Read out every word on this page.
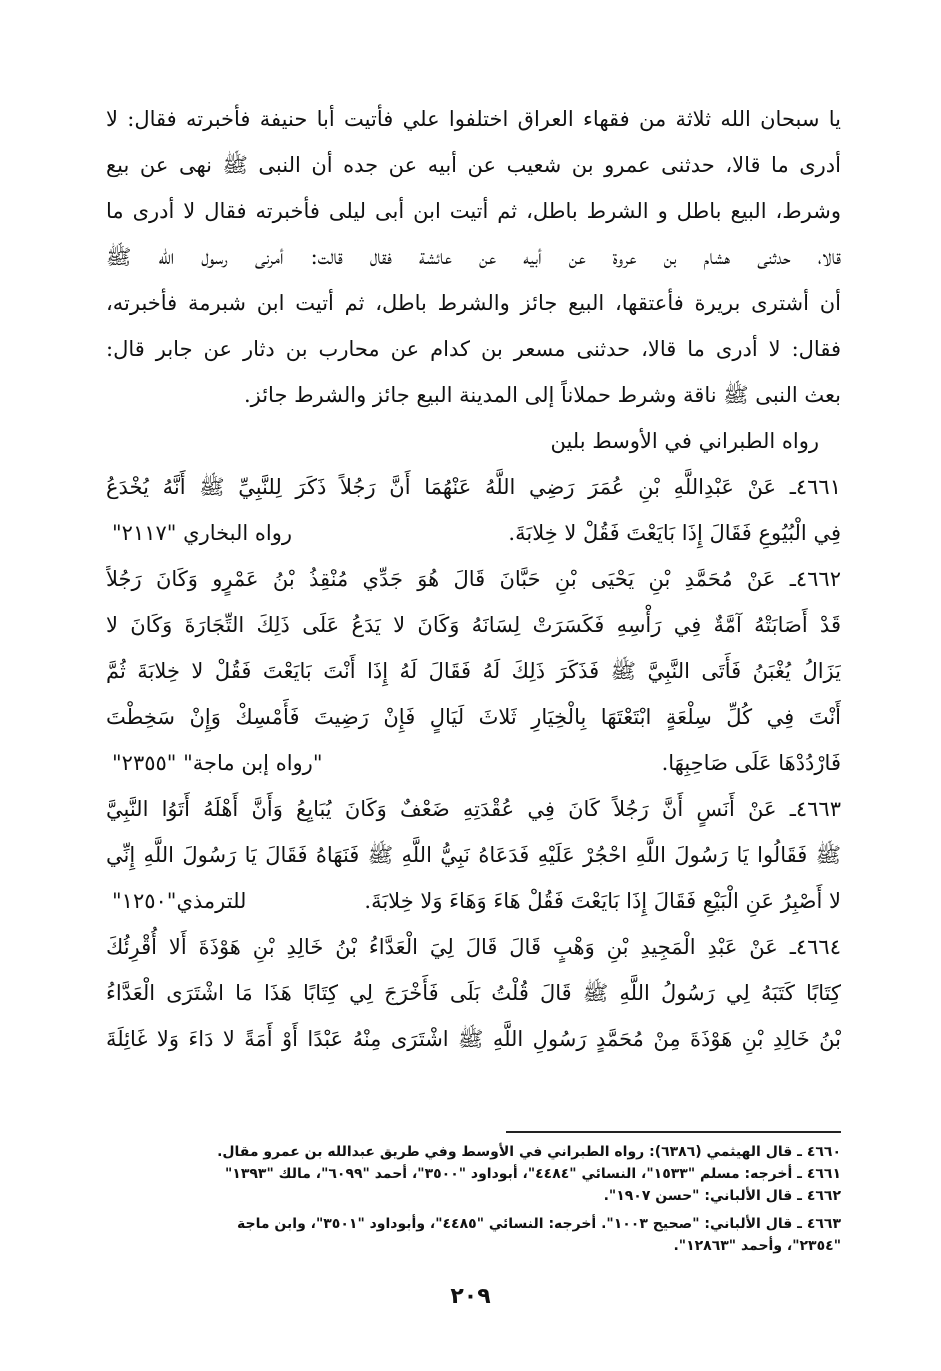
يا سبحان الله ثلاثة من فقهاء العراق اختلفوا علي فأتيت أبا حنيفة فأخبرته فقال: لا
أدرى ما قالا، حدثنى عمرو بن شعيب عن أبيه عن جده أن النبى ﷺ نهى عن بيع
وشرط، البيع باطل و الشرط باطل، ثم أتيت ابن أبى ليلى فأخبرته فقال لا أدرى ما
قالا، حدثنى هشام بن عروة عن أبيه عن عائشة فقال قالت: أمرنى رسول الله ﷺ
أن أشترى بريرة فأعتقها، البيع جائز والشرط باطل، ثم أتيت ابن شبرمة فأخبرته،
فقال: لا أدرى ما قالا، حدثنى مسعر بن كدام عن محارب بن دثار عن جابر قال:
بعث النبى ﷺ ناقة وشرط حملاناً إلى المدينة البيع جائز والشرط جائز.
رواه الطبراني في الأوسط بلين
٤٦٦١ـ عَنْ عَبْدِاللَّهِ بْنِ عُمَرَ رَضِي اللَّهُ عَنْهُمَا أَنَّ رَجُلاً ذَكَرَ لِلنَّبِيِّ ﷺ أَنَّهُ يُخْدَعُ
فِي الْبُيُوعِ فَقَالَ إِذَا بَايَعْتَ فَقُلْ لا خِلابَةَ.
رواه البخاري "٢١١٧"
٤٦٦٢ـ عَنْ مُحَمَّدِ بْنِ يَحْيَى بْنِ حَبَّانَ قَالَ هُوَ جَدِّي مُنْقِذُ بْنُ عَمْرٍو وَكَانَ رَجُلاً
قَدْ أَصَابَتْهُ آمَّةٌ فِي رَأْسِهِ فَكَسَرَتْ لِسَانَهُ وَكَانَ لا يَدَعُ عَلَى ذَلِكَ التِّجَارَةَ وَكَانَ لا
يَزَالُ يُغْبَنُ فَأَتَى النَّبِيَّ ﷺ فَذَكَرَ ذَلِكَ لَهُ فَقَالَ لَهُ إِذَا أَنْتَ بَايَعْتَ فَقُلْ لا خِلابَةَ ثُمَّ
أَنْتَ فِي كُلِّ سِلْعَةٍ ابْتَعْتَهَا بِالْخِيَارِ ثَلاثَ لَيَالٍ فَإِنْ رَضِيتَ فَأَمْسِكْ وَإِنْ سَخِطْتَ
فَارْدُدْهَا عَلَى صَاحِبِهَا.
"رواه إبن ماجة" "٢٣٥٥"
٤٦٦٣ـ عَنْ أَنَسٍ أَنَّ رَجُلاً كَانَ فِي عُقْدَتِهِ ضَعْفٌ وَكَانَ يُبَايِعُ وَأَنَّ أَهْلَهُ أَتَوُا النَّبِيَّ
ﷺ فَقَالُوا يَا رَسُولَ اللَّهِ احْجُرْ عَلَيْهِ فَدَعَاهُ نَبِيُّ اللَّهِ ﷺ فَنَهَاهُ فَقَالَ يَا رَسُولَ اللَّهِ إِنِّي
لا أَصْبِرُ عَنِ الْبَيْعِ فَقَالَ إِذَا بَايَعْتَ فَقُلْ هَاءَ وَهَاءَ وَلا خِلابَةَ.
للترمذي"١٢٥٠"
٤٦٦٤ـ عَنْ عَبْدِ الْمَجِيدِ بْنِ وَهْبٍ قَالَ قَالَ لِيَ الْعَدَّاءُ بْنُ خَالِدِ بْنِ هَوْذَةَ أَلا أُقْرِئُكَ
كِتَابًا كَتَبَهُ لِي رَسُولُ اللَّهِ ﷺ قَالَ قُلْتُ بَلَى فَأَخْرَجَ لِي كِتَابًا هَذَا مَا اشْتَرَى الْعَدَّاءُ
بْنُ خَالِدِ بْنِ هَوْذَةَ مِنْ مُحَمَّدٍ رَسُولِ اللَّهِ ﷺ اشْتَرَى مِنْهُ عَبْدًا أَوْ أَمَةً لا دَاءَ وَلا غَائِلَةَ
٤٦٦٠ ـ قال الهيثمي (٦٣٨٦): رواه الطبراني في الأوسط وفي طريق عبدالله بن عمرو مقال.
٤٦٦١ ـ أخرجه: مسلم "١٥٣٣"، النسائي "٤٤٨٤"، أبوداود "٣٥٠٠"، أحمد "٦٠٩٩"، مالك "١٣٩٣"
٤٦٦٢ ـ قال الألباني: "حسن ١٩٠٧".
٤٦٦٣ ـ قال الألباني: "صحيح ١٠٠٣". أخرجه: النسائي "٤٤٨٥"، وأبوداود "٣٥٠١"، وابن ماجة
"٢٣٥٤"، وأحمد "١٢٨٦٣".
٢٠٩
